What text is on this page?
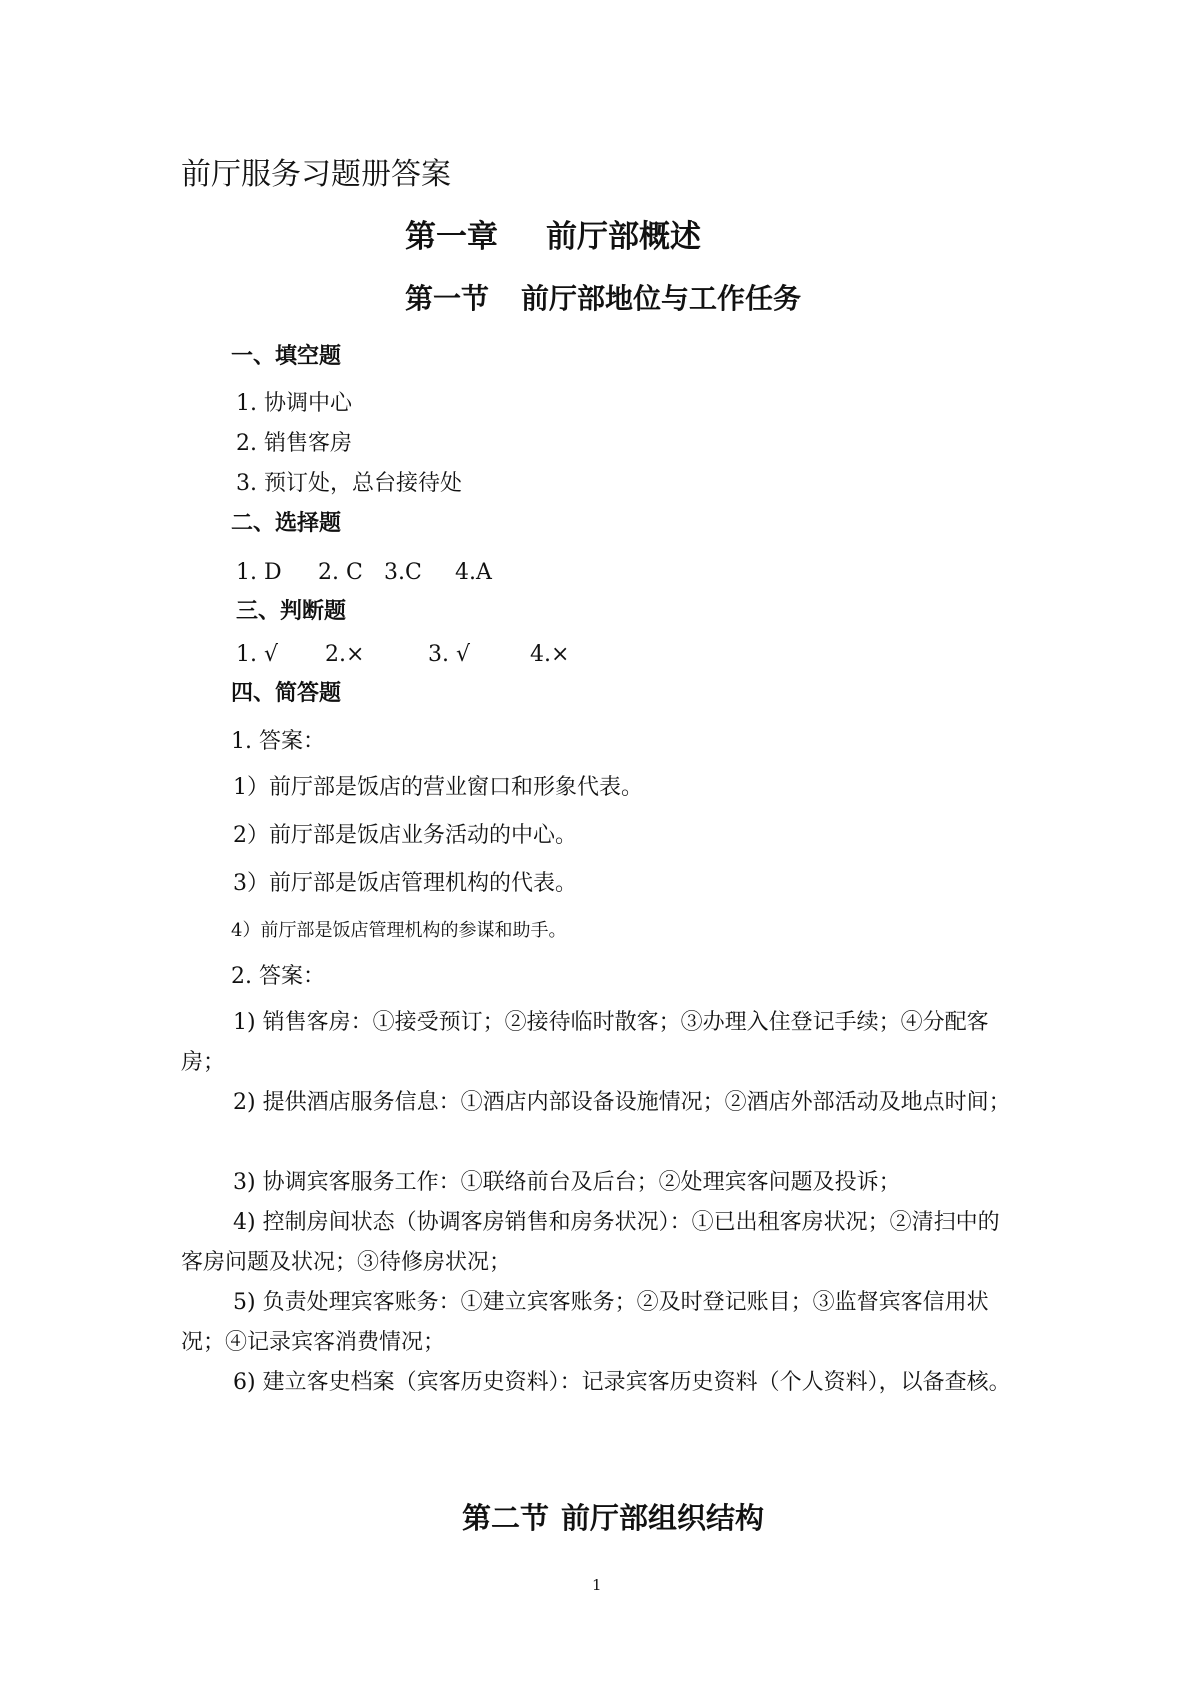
前厅服务习题册答案
第一章 前厅部概述
第一节 前厅部地位与工作任务
一、填空题
1. 协调中心
2. 销售客房
3. 预订处，总台接待处
二、选择题
1. D 2. C 3.C 4.A
三、判断题
1. √ 2.×	3. √	4.×
四、简答题
1. 答案：
1）前厅部是饭店的营业窗口和形象代表。
2）前厅部是饭店业务活动的中心。
3）前厅部是饭店管理机构的代表。
4）前厅部是饭店管理机构的参谋和助手。
2. 答案：
1) 销售客房：①接受预订；②接待临时散客；③办理入住登记手续；④分配客房；
2) 提供酒店服务信息：①酒店内部设备设施情况；②酒店外部活动及地点时间；
3) 协调宾客服务工作：①联络前台及后台；②处理宾客问题及投诉；
4) 控制房间状态（协调客房销售和房务状况）：①已出租客房状况；②清扫中的客房问题及状况；③待修房状况；
5) 负责处理宾客账务：①建立宾客账务；②及时登记账目；③监督宾客信用状况；④记录宾客消费情况；
6) 建立客史档案（宾客历史资料）：记录宾客历史资料（个人资料），以备查核。
第二节 前厅部组织结构
1
